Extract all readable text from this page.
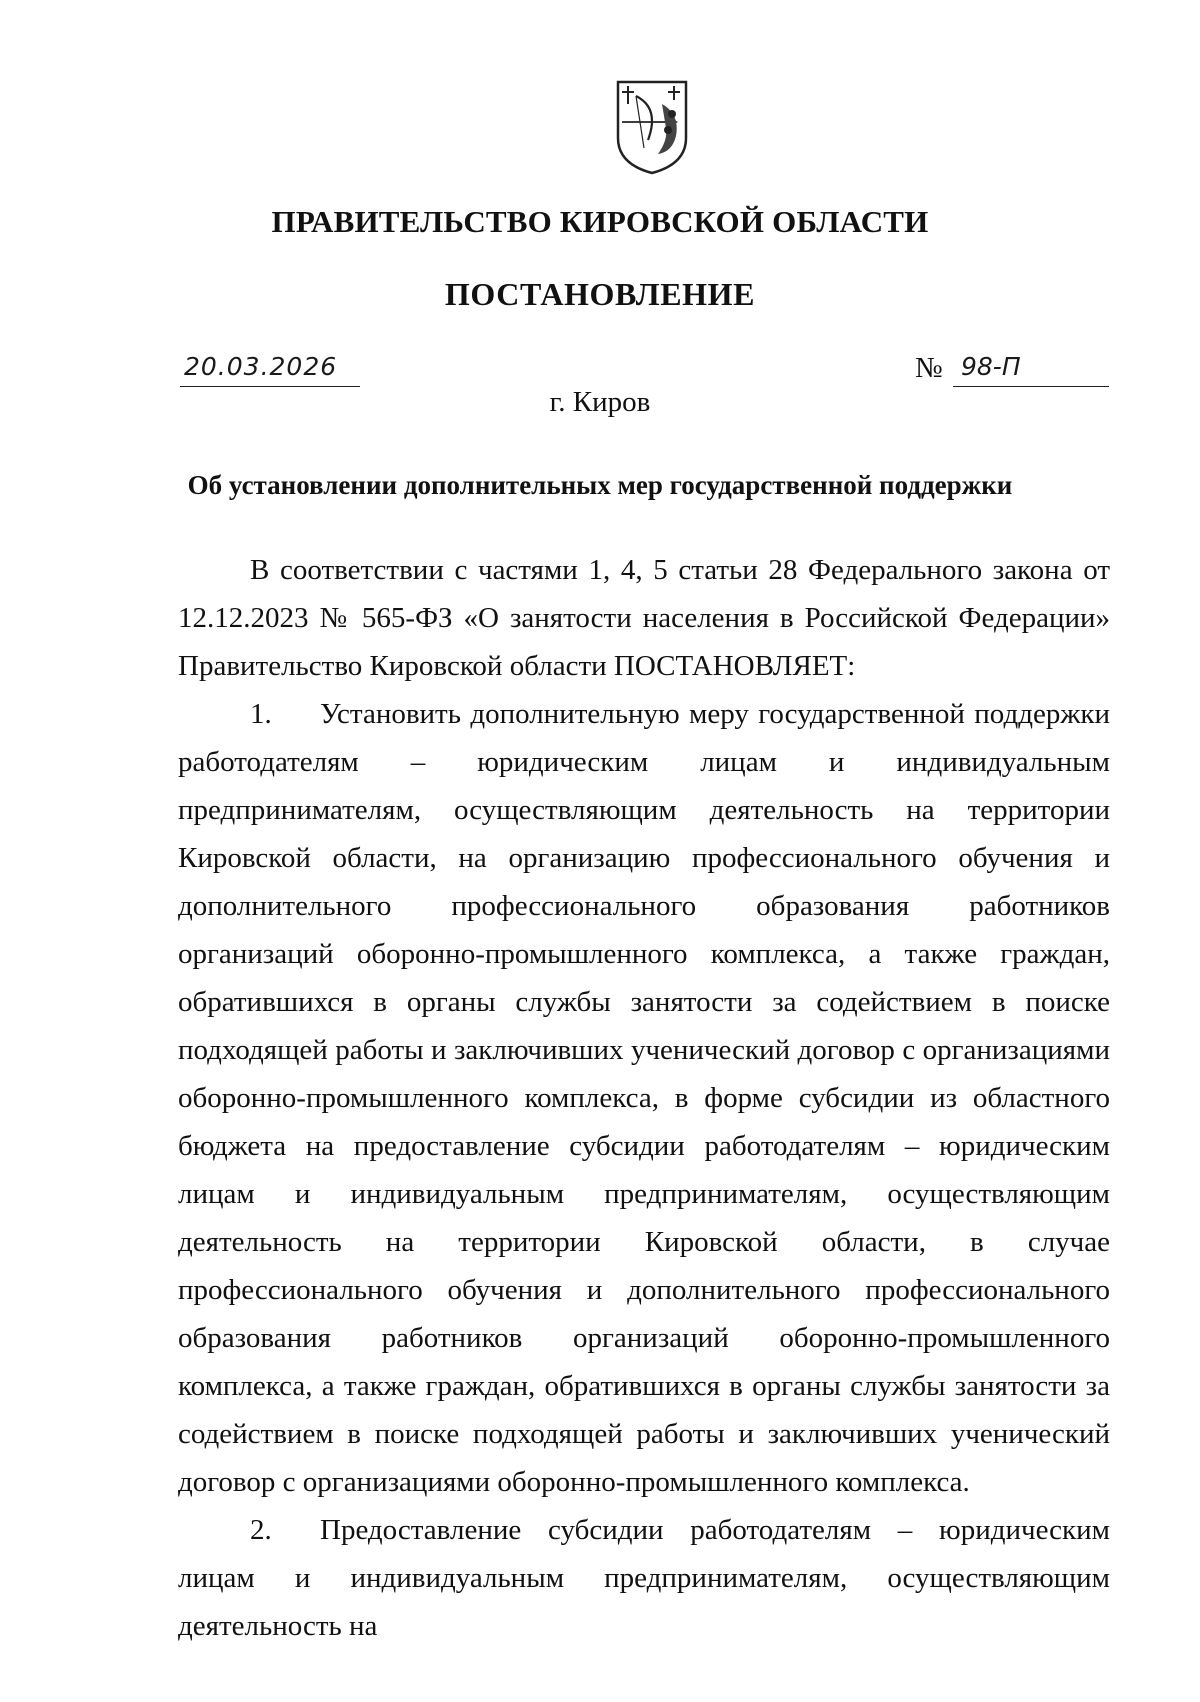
ПРАВИТЕЛЬСТВО КИРОВСКОЙ ОБЛАСТИ
ПОСТАНОВЛЕНИЕ
20.03.2026	№ 98-П
г. Киров
Об установлении дополнительных мер государственной поддержки

В соответствии с частями 1, 4, 5 статьи 28 Федерального закона от 12.12.2023 № 565-ФЗ «О занятости населения в Российской Федерации» Правительство Кировской области ПОСТАНОВЛЯЕТ:

1. Установить дополнительную меру государственной поддержки работодателям – юридическим лицам и индивидуальным предпринимателям, осуществляющим деятельность на территории Кировской области, на организацию профессионального обучения и дополнительного профессионального образования работников организаций оборонно-промышленного комплекса, а также граждан, обратившихся в органы службы занятости за содействием в поиске подходящей работы и заключивших ученический договор с организациями оборонно-промышленного комплекса, в форме субсидии из областного бюджета на предоставление субсидии работодателям – юридическим лицам и индивидуальным предпринимателям, осуществляющим деятельность на территории Кировской области, в случае профессионального обучения и дополнительного профессионального образования работников организаций оборонно-промышленного комплекса, а также граждан, обратившихся в органы службы занятости за содействием в поиске подходящей работы и заключивших ученический договор с организациями оборонно-промышленного комплекса.

2. Предоставление субсидии работодателям – юридическим лицам и индивидуальным предпринимателям, осуществляющим деятельность на
